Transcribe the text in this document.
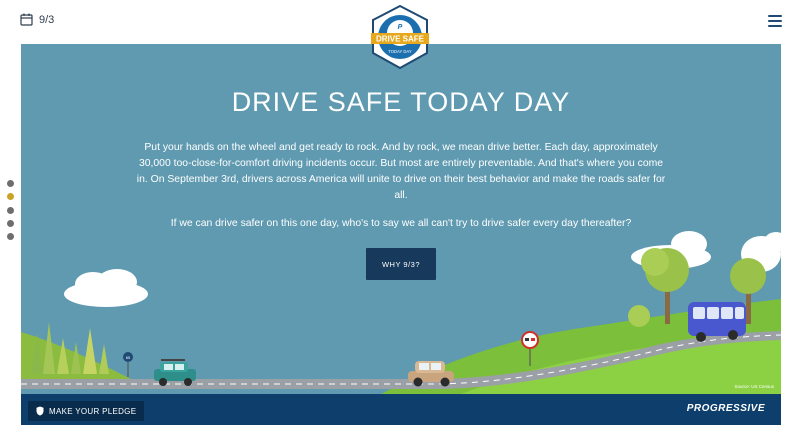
9/3
P
DRIVE SAFE
TODAY DAY
65
DRIVE SAFE TODAY DAY

Put your hands on the wheel and get ready to rock. And by rock, we mean drive better. Each day, approximately 30,000 too-close-for-comfort driving incidents occur. But most are entirely preventable. And that's where you come in. On September 3rd, drivers across America will unite to drive on their best behavior and make the roads safer for all.

If we can drive safer on this one day, who's to say we all can't try to drive safer every day thereafter?

WHY 9/3?
Source: US Census
MAKE YOUR PLEDGE	PROGRESSIVE
